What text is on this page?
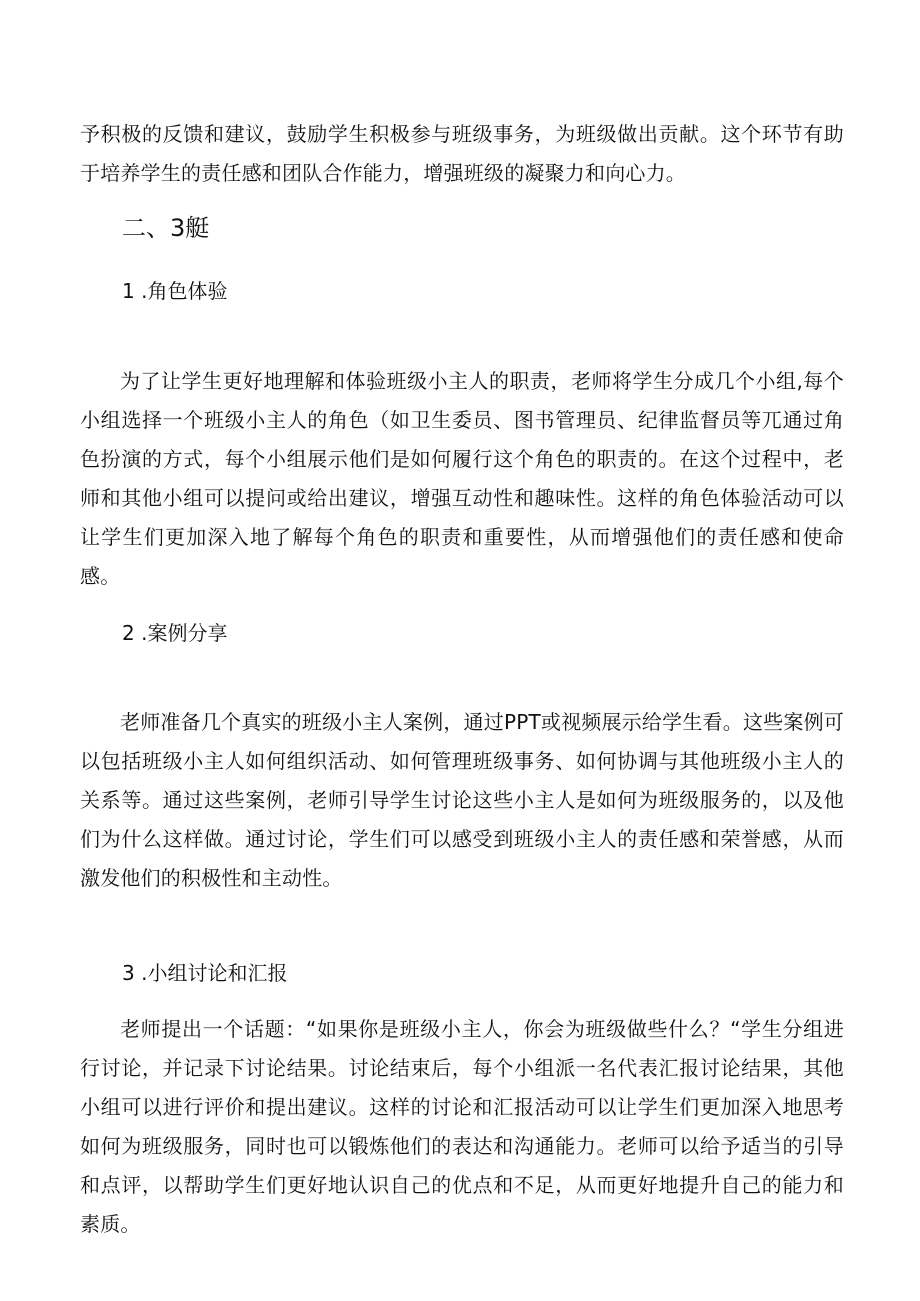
予积极的反馈和建议，鼓励学生积极参与班级事务，为班级做出贡献。这个环节有助于培养学生的责任感和团队合作能力，增强班级的凝聚力和向心力。

二、3艇

1 .角色体验

为了让学生更好地理解和体验班级小主人的职责，老师将学生分成几个小组,每个小组选择一个班级小主人的角色（如卫生委员、图书管理员、纪律监督员等兀通过角色扮演的方式，每个小组展示他们是如何履行这个角色的职责的。在这个过程中，老师和其他小组可以提问或给出建议，增强互动性和趣味性。这样的角色体验活动可以让学生们更加深入地了解每个角色的职责和重要性，从而增强他们的责任感和使命感。

2 .案例分享

老师准备几个真实的班级小主人案例，通过PPT或视频展示给学生看。这些案例可以包括班级小主人如何组织活动、如何管理班级事务、如何协调与其他班级小主人的关系等。通过这些案例，老师引导学生讨论这些小主人是如何为班级服务的，以及他们为什么这样做。通过讨论，学生们可以感受到班级小主人的责任感和荣誉感，从而激发他们的积极性和主动性。

3 .小组讨论和汇报

老师提出一个话题：“如果你是班级小主人，你会为班级做些什么？“学生分组进行讨论，并记录下讨论结果。讨论结束后，每个小组派一名代表汇报讨论结果，其他小组可以进行评价和提出建议。这样的讨论和汇报活动可以让学生们更加深入地思考如何为班级服务，同时也可以锻炼他们的表达和沟通能力。老师可以给予适当的引导和点评，以帮助学生们更好地认识自己的优点和不足，从而更好地提升自己的能力和素质。
